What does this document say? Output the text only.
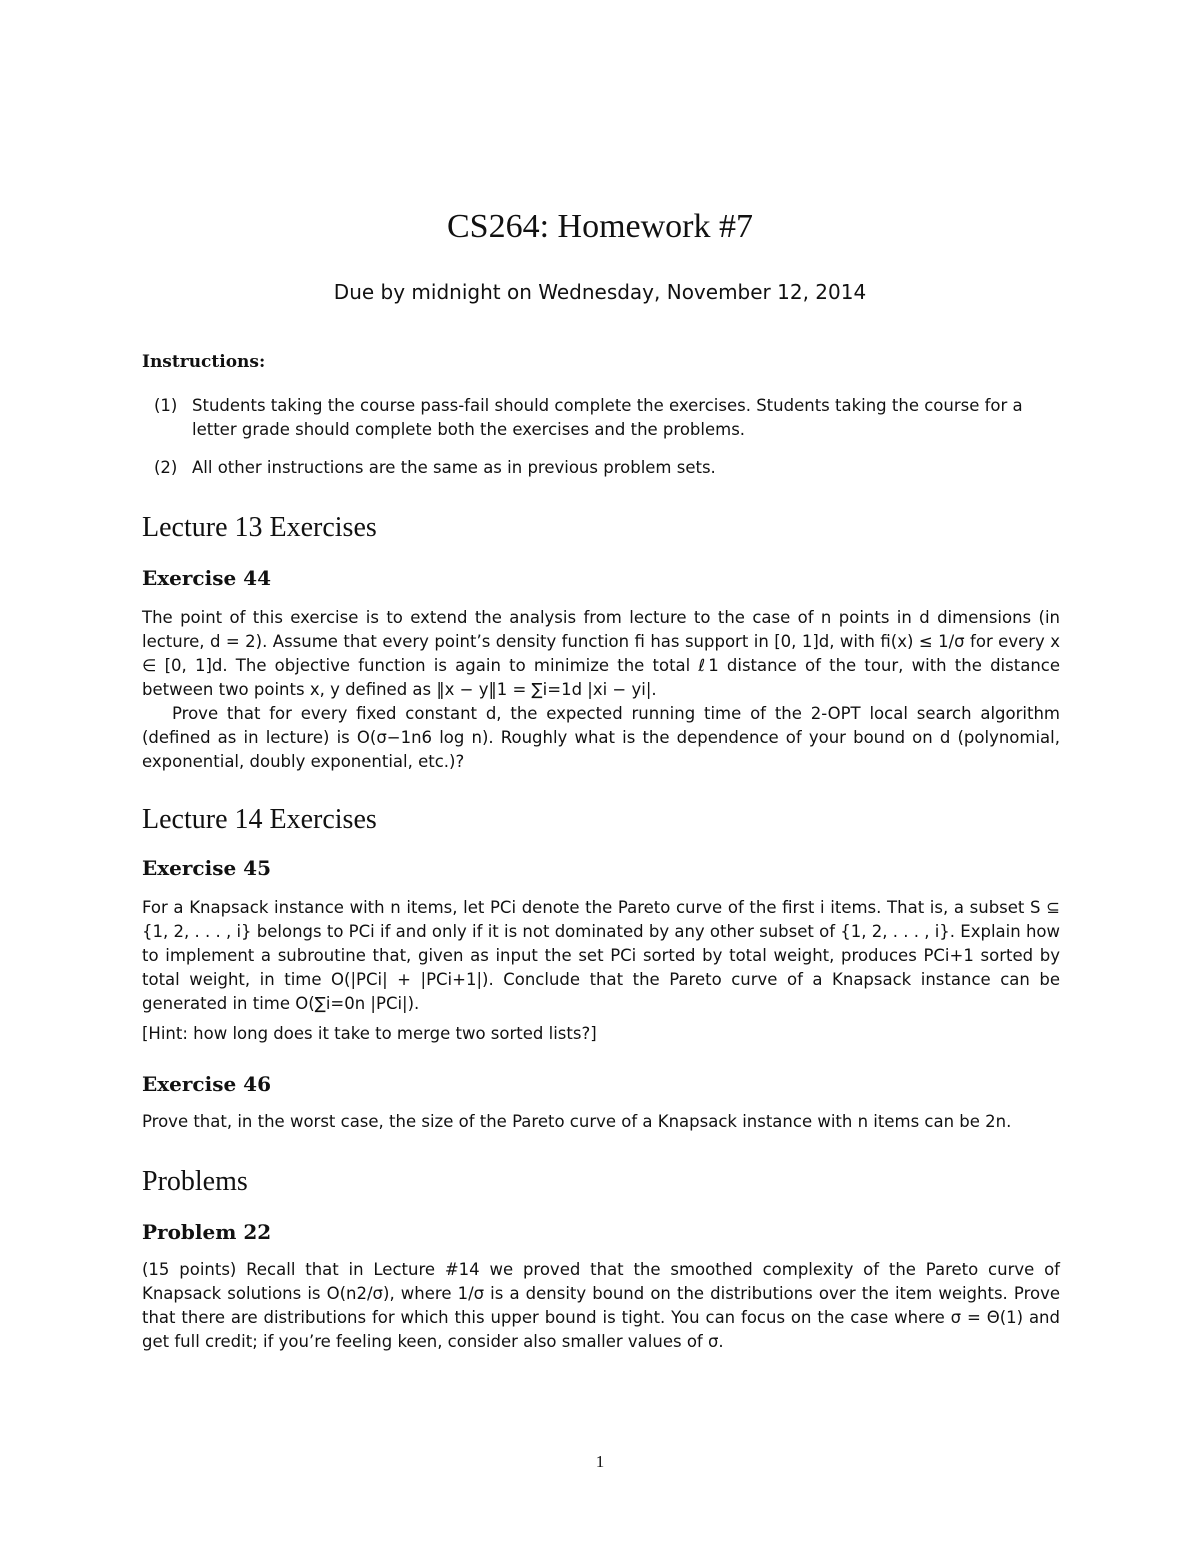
CS264: Homework #7
Due by midnight on Wednesday, November 12, 2014
Instructions:
(1) Students taking the course pass-fail should complete the exercises. Students taking the course for a letter grade should complete both the exercises and the problems.
(2) All other instructions are the same as in previous problem sets.
Lecture 13 Exercises
Exercise 44

The point of this exercise is to extend the analysis from lecture to the case of n points in d dimensions (in lecture, d = 2). Assume that every point’s density function fi has support in [0, 1]d, with fi(x) ≤ 1/σ for every x ∈ [0, 1]d. The objective function is again to minimize the total ℓ1 distance of the tour, with the distance between two points x, y defined as ‖x − y‖1 = ∑i=1d |xi − yi|.

Prove that for every fixed constant d, the expected running time of the 2-OPT local search algorithm (defined as in lecture) is O(σ−1n6 log n). Roughly what is the dependence of your bound on d (polynomial, exponential, doubly exponential, etc.)?

Lecture 14 Exercises
Exercise 45

For a Knapsack instance with n items, let PCi denote the Pareto curve of the first i items. That is, a subset S ⊆ {1, 2, . . . , i} belongs to PCi if and only if it is not dominated by any other subset of {1, 2, . . . , i}. Explain how to implement a subroutine that, given as input the set PCi sorted by total weight, produces PCi+1 sorted by total weight, in time O(|PCi| + |PCi+1|). Conclude that the Pareto curve of a Knapsack instance can be generated in time O(∑i=0n |PCi|).

[Hint: how long does it take to merge two sorted lists?]

Exercise 46

Prove that, in the worst case, the size of the Pareto curve of a Knapsack instance with n items can be 2n.

Problems
Problem 22

(15 points) Recall that in Lecture #14 we proved that the smoothed complexity of the Pareto curve of Knapsack solutions is O(n2/σ), where 1/σ is a density bound on the distributions over the item weights. Prove that there are distributions for which this upper bound is tight. You can focus on the case where σ = Θ(1) and get full credit; if you’re feeling keen, consider also smaller values of σ.

1
